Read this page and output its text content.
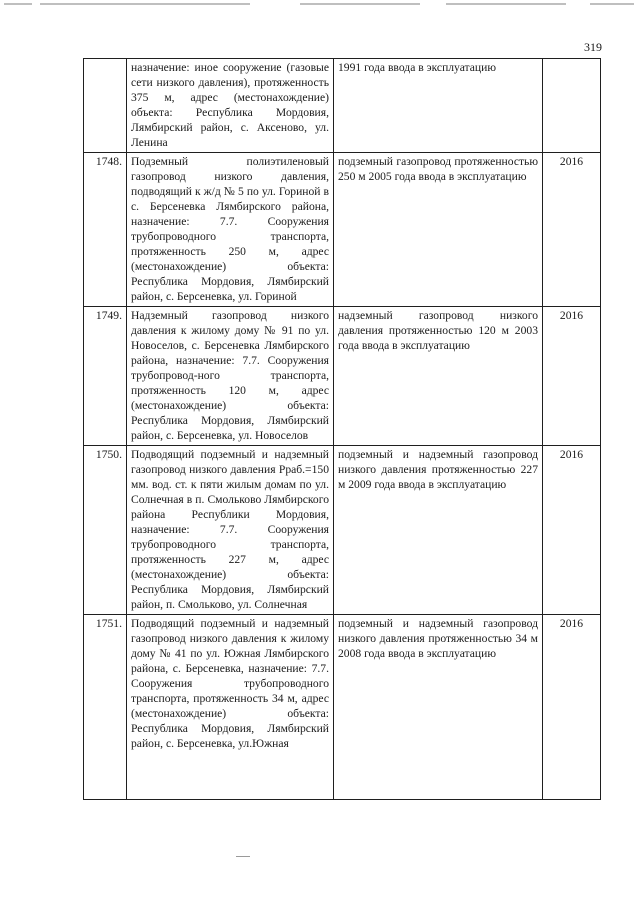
319
	назначение: иное сооружение (газовые сети низкого давления), протяженность 375 м, адрес (местонахождение) объекта: Республика Мордовия, Лямбирский район, с. Аксеново, ул. Ленина	1991 года ввода в эксплуатацию	
1748.	Подземный полиэтиленовый газопровод низкого давления, подводящий к ж/д № 5 по ул. Гориной в с. Берсеневка Лямбирского района, назначение: 7.7. Сооружения трубопроводного транспорта, протяженность 250 м, адрес (местонахождение) объекта: Республика Мордовия, Лямбирский район, с. Берсеневка, ул. Гориной	подземный газопровод протяженностью 250 м 2005 года ввода в эксплуатацию	2016
1749.	Надземный газопровод низкого давления к жилому дому № 91 по ул. Новоселов, с. Берсеневка Лямбирского района, назначение: 7.7. Сооружения трубопровод-ного транспорта, протяженность 120 м, адрес (местонахождение) объекта: Республика Мордовия, Лямбирский район, с. Берсеневка, ул. Новоселов	надземный газопровод низкого давления протяженностью 120 м 2003 года ввода в эксплуатацию	2016
1750.	Подводящий подземный и надземный газопровод низкого давления Рраб.=150 мм. вод. ст. к пяти жилым домам по ул. Солнечная в п. Смольково Лямбирского района Республики Мордовия, назначение: 7.7. Сооружения трубопроводного транспорта, протяженность 227 м, адрес (местонахождение) объекта: Республика Мордовия, Лямбирский район, п. Смольково, ул. Солнечная	подземный и надземный газопровод низкого давления протяженностью 227 м 2009 года ввода в эксплуатацию	2016
1751.	Подводящий подземный и надземный газопровод низкого давления к жилому дому № 41 по ул. Южная Лямбирского района, с. Берсеневка, назначение: 7.7. Сооружения трубопроводного транспорта, протяженность 34 м, адрес (местонахождение) объекта: Республика Мордовия, Лямбирский район, с. Берсеневка, ул.Южная	подземный и надземный газопровод низкого давления протяженностью 34 м 2008 года ввода в эксплуатацию	2016
